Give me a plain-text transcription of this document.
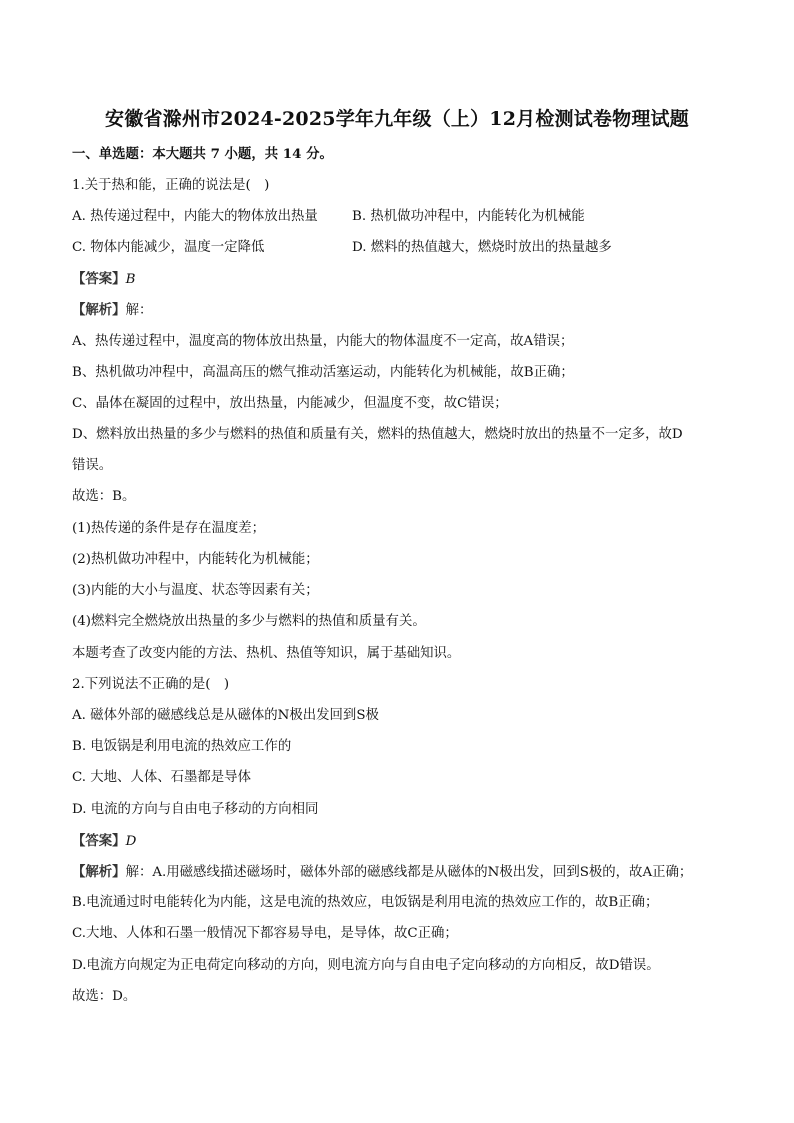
安徽省滁州市2024-2025学年九年级（上）12月检测试卷物理试题
一、单选题：本大题共 7 小题，共 14 分。
1.关于热和能，正确的说法是(　)
A. 热传递过程中，内能大的物体放出热量	B. 热机做功冲程中，内能转化为机械能
C. 物体内能减少，温度一定降低	D. 燃料的热值越大，燃烧时放出的热量越多
【答案】B
【解析】解：
A、热传递过程中，温度高的物体放出热量，内能大的物体温度不一定高，故A错误；
B、热机做功冲程中，高温高压的燃气推动活塞运动，内能转化为机械能，故B正确；
C、晶体在凝固的过程中，放出热量，内能减少，但温度不变，故C错误；
D、燃料放出热量的多少与燃料的热值和质量有关，燃料的热值越大，燃烧时放出的热量不一定多，故D
错误。
故选：B。
(1)热传递的条件是存在温度差；
(2)热机做功冲程中，内能转化为机械能；
(3)内能的大小与温度、状态等因素有关；
(4)燃料完全燃烧放出热量的多少与燃料的热值和质量有关。
本题考查了改变内能的方法、热机、热值等知识，属于基础知识。
2.下列说法不正确的是(　)
A. 磁体外部的磁感线总是从磁体的N极出发回到S极
B. 电饭锅是利用电流的热效应工作的
C. 大地、人体、石墨都是导体
D. 电流的方向与自由电子移动的方向相同
【答案】D
【解析】解：A.用磁感线描述磁场时，磁体外部的磁感线都是从磁体的N极出发，回到S极的，故A正确；
B.电流通过时电能转化为内能，这是电流的热效应，电饭锅是利用电流的热效应工作的，故B正确；
C.大地、人体和石墨一般情况下都容易导电，是导体，故C正确；
D.电流方向规定为正电荷定向移动的方向，则电流方向与自由电子定向移动的方向相反，故D错误。
故选：D。
